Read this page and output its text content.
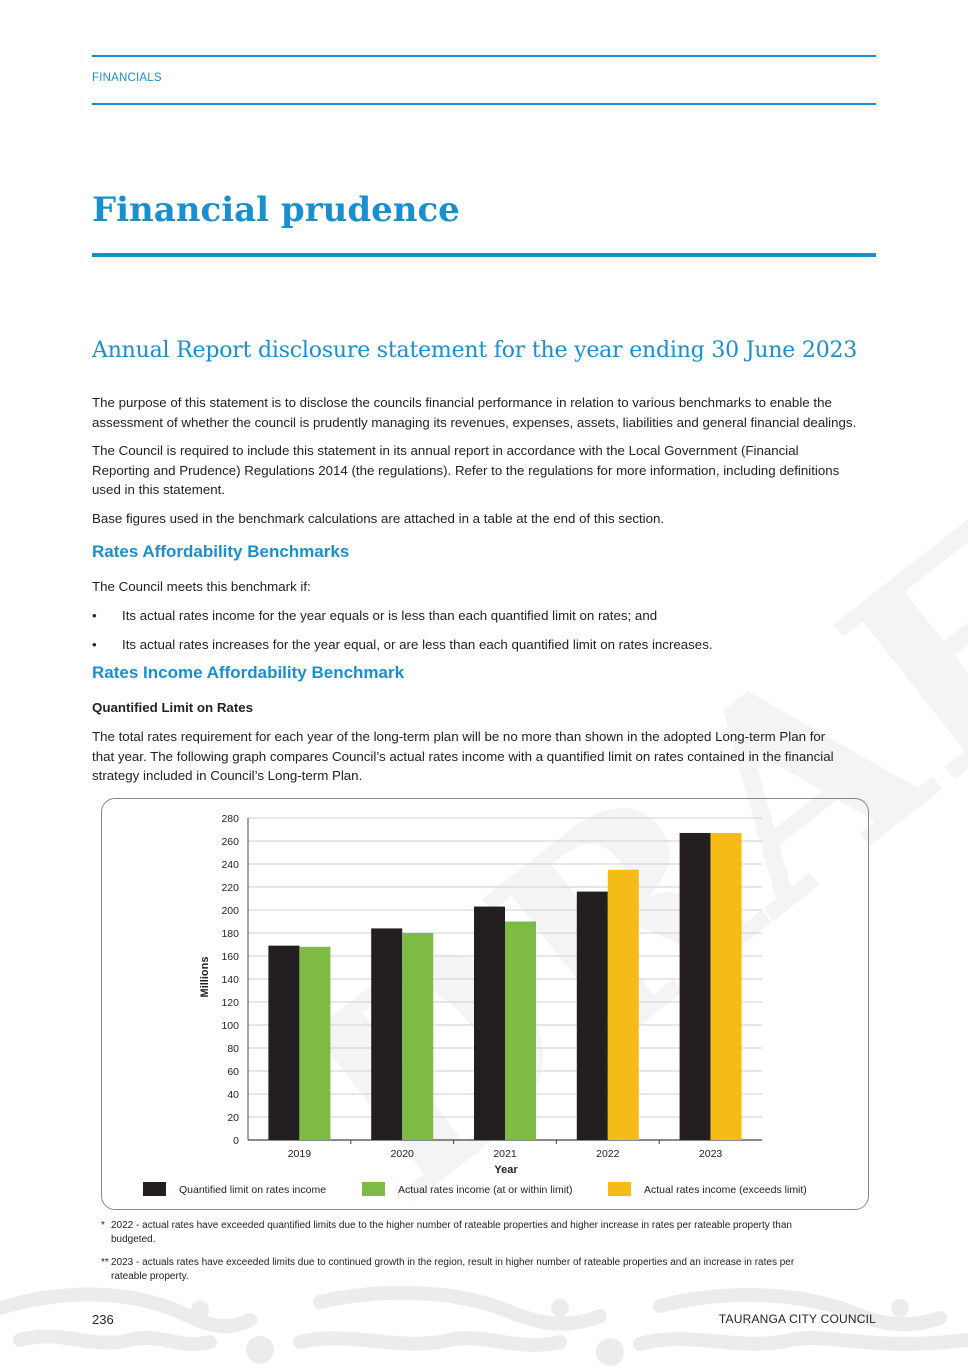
FINANCIALS
Financial prudence
Annual Report disclosure statement for the year ending 30 June 2023
The purpose of this statement is to disclose the councils financial performance in relation to various benchmarks to enable the
assessment of whether the council is prudently managing its revenues, expenses, assets, liabilities and general financial dealings.
The Council is required to include this statement in its annual report in accordance with the Local Government (Financial
Reporting and Prudence) Regulations 2014 (the regulations). Refer to the regulations for more information, including definitions
used in this statement.
Base figures used in the benchmark calculations are attached in a table at the end of this section.
Rates Affordability Benchmarks
The Council meets this benchmark if:
• Its actual rates income for the year equals or is less than each quantified limit on rates; and
• Its actual rates increases for the year equal, or are less than each quantified limit on rates increases.
Rates Income Affordability Benchmark
Quantified Limit on Rates
The total rates requirement for each year of the long-term plan will be no more than shown in the adopted Long-term Plan for
that year. The following graph compares Council’s actual rates income with a quantified limit on rates contained in the financial
strategy included in Council’s Long-term Plan.
0
20
40
60
80
100
120
140
160
180
200
220
240
260
280
2019	2020	2021	2022	2023
Year
Millions
Quantified limit on rates income	Actual rates income (at or within limit)	Actual rates income (exceeds limit)
* 2022 - actual rates have exceeded quantified limits due to the higher number of rateable properties and higher increase in rates per rateable property than
budgeted.
** 2023 - actuals rates have exceeded limits due to continued growth in the region, result in higher number of rateable properties and an increase in rates per
rateable property.
236	TAURANGA CITY COUNCIL
